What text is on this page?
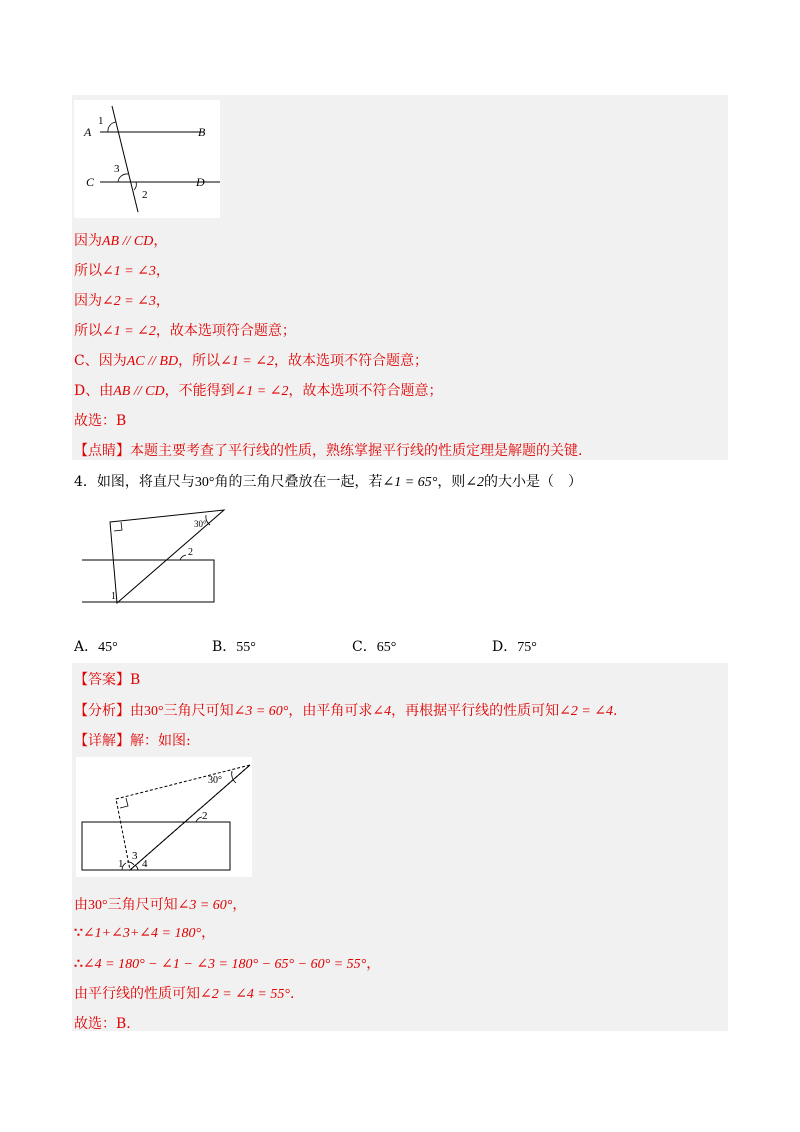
A	B
C	D
1
3
2
因为AB // CD，
所以∠1 = ∠3，
因为∠2 = ∠3，
所以∠1 = ∠2，故本选项符合题意；
C、因为AC // BD，所以∠1 = ∠2，故本选项不符合题意；
D、由AB // CD，不能得到∠1 = ∠2，故本选项不符合题意；
故选：B
【点睛】本题主要考查了平行线的性质，熟练掌握平行线的性质定理是解题的关键.
4．如图，将直尺与30°角的三角尺叠放在一起，若∠1 = 65°，则∠2的大小是（　）
30°
2
1
A．45°	B．55°	C．65°	D．75°
【答案】B
【分析】由30°三角尺可知∠3 = 60°，由平角可求∠4，再根据平行线的性质可知∠2 = ∠4.
【详解】解：如图:
30°
2
3
1 4
由30°三角尺可知∠3 = 60°，
∵∠1+∠3+∠4 = 180°，
∴∠4 = 180° − ∠1 − ∠3 = 180° − 65° − 60° = 55°，
由平行线的性质可知∠2 = ∠4 = 55°.
故选：B.
